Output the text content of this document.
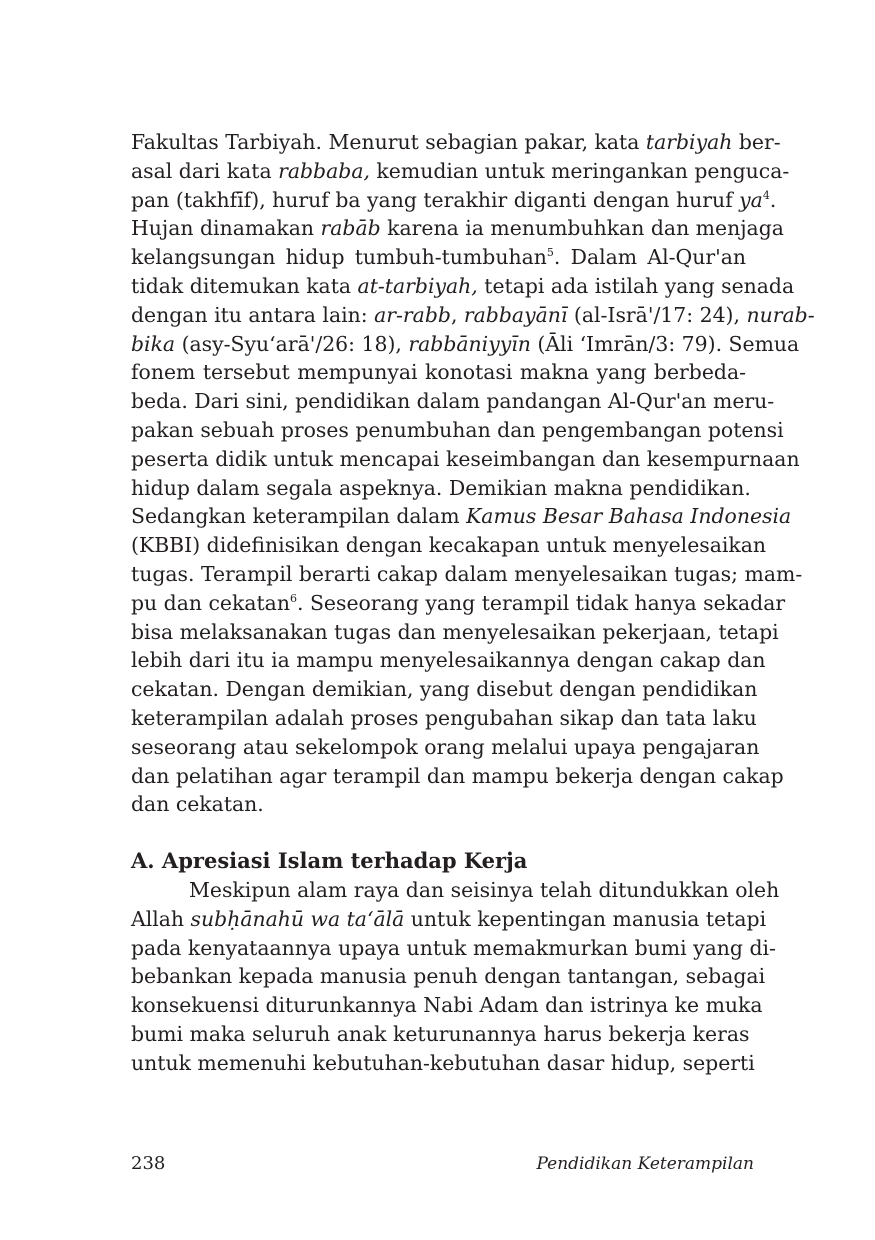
Fakultas Tarbiyah. Menurut sebagian pakar, kata tarbiyah ber-
asal dari kata rabbaba, kemudian untuk meringankan penguca-
pan (takhfīf), huruf ba yang terakhir diganti dengan huruf $ya^4$.
Hujan dinamakan rabāb karena ia menumbuhkan dan menjaga
kelangsungan hidup tumbuh-tumbuhan$^5$. Dalam Al-Qur'an
tidak ditemukan kata at-tarbiyah, tetapi ada istilah yang senada
dengan itu antara lain: ar-rabb, rabbayānī (al-Isrā'/17: 24), nurab-
bika (asy-Syu‘arā'/26: 18), rabbāniyyīn (Āli ‘Imrān/3: 79). Semua
fonem tersebut mempunyai konotasi makna yang berbeda-
beda. Dari sini, pendidikan dalam pandangan Al-Qur'an meru-
pakan sebuah proses penumbuhan dan pengembangan potensi
peserta didik untuk mencapai keseimbangan dan kesempurnaan
hidup dalam segala aspeknya. Demikian makna pendidikan.
Sedangkan keterampilan dalam Kamus Besar Bahasa Indonesia
(KBBI) didefinisikan dengan kecakapan untuk menyelesaikan
tugas. Terampil berarti cakap dalam menyelesaikan tugas; mam-
pu dan cekatan$^6$. Seseorang yang terampil tidak hanya sekadar
bisa melaksanakan tugas dan menyelesaikan pekerjaan, tetapi
lebih dari itu ia mampu menyelesaikannya dengan cakap dan
cekatan. Dengan demikian, yang disebut dengan pendidikan
keterampilan adalah proses pengubahan sikap dan tata laku
seseorang atau sekelompok orang melalui upaya pengajaran
dan pelatihan agar terampil dan mampu bekerja dengan cakap
dan cekatan.
A. Apresiasi Islam terhadap Kerja
Meskipun alam raya dan seisinya telah ditundukkan oleh
Allah subḥānahū wa ta‘ālā untuk kepentingan manusia tetapi
pada kenyataannya upaya untuk memakmurkan bumi yang di-
bebankan kepada manusia penuh dengan tantangan, sebagai
konsekuensi diturunkannya Nabi Adam dan istrinya ke muka
bumi maka seluruh anak keturunannya harus bekerja keras
untuk memenuhi kebutuhan-kebutuhan dasar hidup, seperti
238	Pendidikan Keterampilan
